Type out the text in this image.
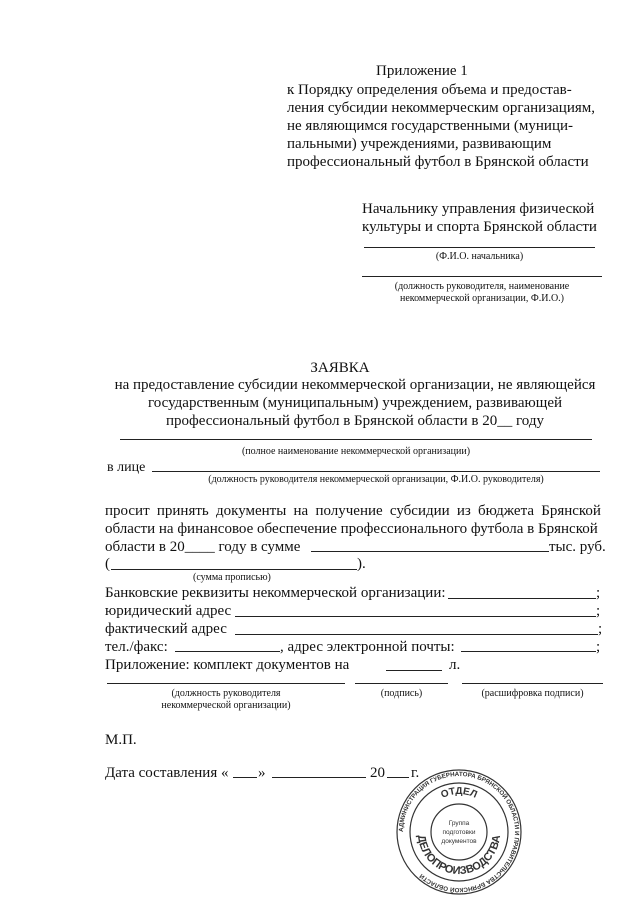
Приложение 1
к Порядку определения объема и предостав-
ления субсидии некоммерческим организациям,
не являющимся государственными (муници-
пальными) учреждениями, развивающим
профессиональный футбол в Брянской области
Начальнику управления физической
культуры и спорта Брянской области
(Ф.И.О. начальника)
(должность руководителя, наименование
некоммерческой организации, Ф.И.О.)
ЗАЯВКА
на предоставление субсидии некоммерческой организации, не являющейся
государственным (муниципальным) учреждением, развивающей
профессиональный футбол в Брянской области в 20__ году
(полное наименование некоммерческой организации)
в лице
(должность руководителя некоммерческой организации, Ф.И.О. руководителя)
просит принять документы на получение субсидии из бюджета Брянской
области на финансовое обеспечение профессионального футбола в Брянской
области в 20____ году в сумме	тыс. руб.
(	).
(сумма прописью)
Банковские реквизиты некоммерческой организации:	;
юридический адрес	;
фактический адрес	;
тел./факс:	, адрес электронной почты:	;
Приложение: комплект документов на	л.
(должность руководителя
некоммерческой организации)
(подпись)	(расшифровка подписи)
М.П.
Дата составления « »	20 г.
АДМИНИСТРАЦИЯ ГУБЕРНАТОРА БРЯНСКОЙ ОБЛАСТИ И ПРАВИТЕЛЬСТВА БРЯНСКОЙ ОБЛАСТИ
ОТДЕЛ
ДЕЛОПРОИЗВОДСТВА
Группа
подготовки
документов
